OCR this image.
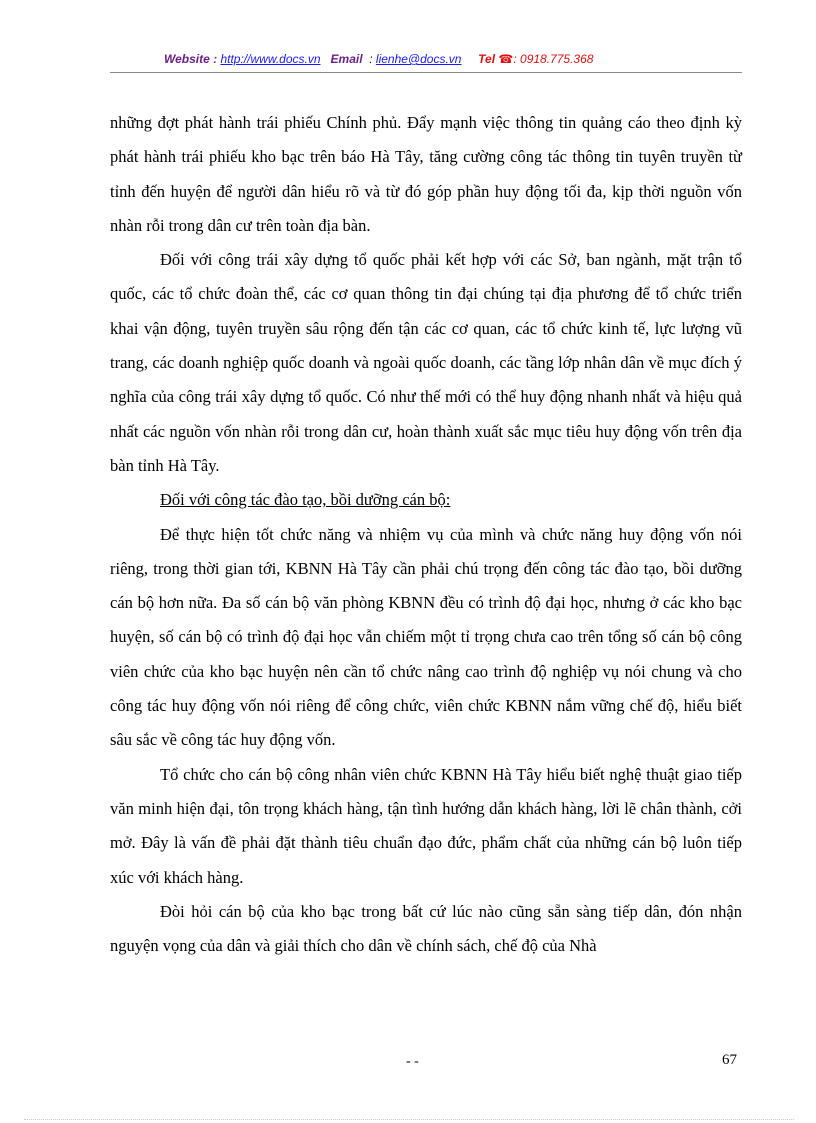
Website : http://www.docs.vn Email : lienhe@docs.vn Tel ☎: 0918.775.368

những đợt phát hành trái phiếu Chính phủ. Đẩy mạnh việc thông tin quảng cáo theo định kỳ phát hành trái phiếu kho bạc trên báo Hà Tây, tăng cường công tác thông tin tuyên truyền từ tỉnh đến huyện để người dân hiểu rõ và từ đó góp phần huy động tối đa, kịp thời nguồn vốn nhàn rỗi trong dân cư trên toàn địa bàn.

Đối với công trái xây dựng tổ quốc phải kết hợp với các Sở, ban ngành, mặt trận tổ quốc, các tổ chức đoàn thể, các cơ quan thông tin đại chúng tại địa phương để tổ chức triển khai vận động, tuyên truyền sâu rộng đến tận các cơ quan, các tổ chức kinh tế, lực lượng vũ trang, các doanh nghiệp quốc doanh và ngoài quốc doanh, các tầng lớp nhân dân về mục đích ý nghĩa của công trái xây dựng tổ quốc. Có như thế mới có thể huy động nhanh nhất và hiệu quả nhất các nguồn vốn nhàn rỗi trong dân cư, hoàn thành xuất sắc mục tiêu huy động vốn trên địa bàn tỉnh Hà Tây.

Đối với công tác đào tạo, bồi dưỡng cán bộ:

Để thực hiện tốt chức năng và nhiệm vụ của mình và chức năng huy động vốn nói riêng, trong thời gian tới, KBNN Hà Tây cần phải chú trọng đến công tác đào tạo, bồi dưỡng cán bộ hơn nữa. Đa số cán bộ văn phòng KBNN đều có trình độ đại học, nhưng ở các kho bạc huyện, số cán bộ có trình độ đại học vẫn chiếm một tỉ trọng chưa cao trên tổng số cán bộ công viên chức của kho bạc huyện nên cần tổ chức nâng cao trình độ nghiệp vụ nói chung và cho công tác huy động vốn nói riêng để công chức, viên chức KBNN nắm vững chế độ, hiểu biết sâu sắc về công tác huy động vốn.

Tổ chức cho cán bộ công nhân viên chức KBNN Hà Tây hiểu biết nghệ thuật giao tiếp văn minh hiện đại, tôn trọng khách hàng, tận tình hướng dẫn khách hàng, lời lẽ chân thành, cởi mở. Đây là vấn đề phải đặt thành tiêu chuẩn đạo đức, phẩm chất của những cán bộ luôn tiếp xúc với khách hàng.

Đòi hỏi cán bộ của kho bạc trong bất cứ lúc nào cũng sẵn sàng tiếp dân, đón nhận nguyện vọng của dân và giải thích cho dân về chính sách, chế độ của Nhà

- -	67
